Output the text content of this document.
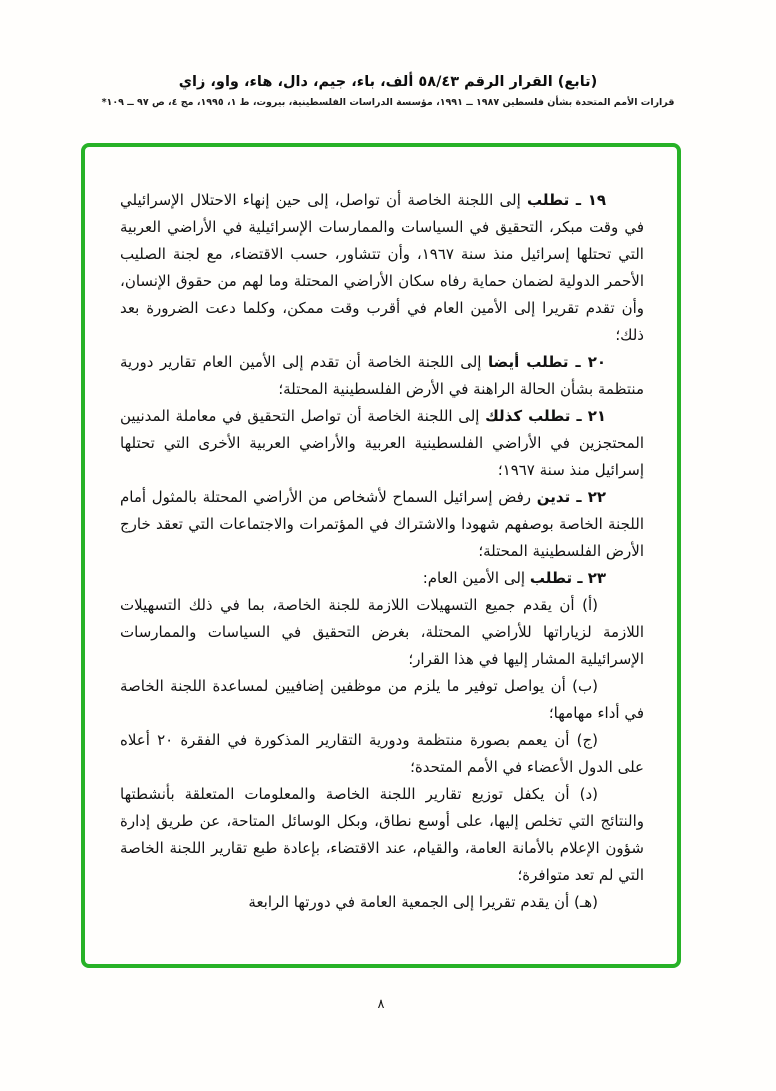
(تابع) القرار الرقم ٥٨/٤٣ ألف، باء، جيم، دال، هاء، واو، زاي
قرارات الأمم المتحدة بشأن فلسطين ١٩٨٧ ــ ١٩٩١، مؤسسة الدراسات الفلسطينية، بيروت، ط ١، ١٩٩٥، مج ٤، ص ٩٧ ــ ١٠٩*

١٩ ـ تطلب إلى اللجنة الخاصة أن تواصل، إلى حين إنهاء الاحتلال الإسرائيلي في وقت مبكر، التحقيق في السياسات والممارسات الإسرائيلية في الأراضي العربية التي تحتلها إسرائيل منذ سنة ١٩٦٧، وأن تتشاور، حسب الاقتضاء، مع لجنة الصليب الأحمر الدولية لضمان حماية رفاه سكان الأراضي المحتلة وما لهم من حقوق الإنسان، وأن تقدم تقريرا إلى الأمين العام في أقرب وقت ممكن، وكلما دعت الضرورة بعد ذلك؛

٢٠ ـ تطلب أيضا إلى اللجنة الخاصة أن تقدم إلى الأمين العام تقارير دورية منتظمة بشأن الحالة الراهنة في الأرض الفلسطينية المحتلة؛

٢١ ـ تطلب كذلك إلى اللجنة الخاصة أن تواصل التحقيق في معاملة المدنيين المحتجزين في الأراضي الفلسطينية العربية والأراضي العربية الأخرى التي تحتلها إسرائيل منذ سنة ١٩٦٧؛

٢٢ ـ تدين رفض إسرائيل السماح لأشخاص من الأراضي المحتلة بالمثول أمام اللجنة الخاصة بوصفهم شهودا والاشتراك في المؤتمرات والاجتماعات التي تعقد خارج الأرض الفلسطينية المحتلة؛

٢٣ ـ تطلب إلى الأمين العام:

(أ) أن يقدم جميع التسهيلات اللازمة للجنة الخاصة، بما في ذلك التسهيلات اللازمة لزياراتها للأراضي المحتلة، بغرض التحقيق في السياسات والممارسات الإسرائيلية المشار إليها في هذا القرار؛

(ب) أن يواصل توفير ما يلزم من موظفين إضافيين لمساعدة اللجنة الخاصة في أداء مهامها؛

(ج) أن يعمم بصورة منتظمة ودورية التقارير المذكورة في الفقرة ٢٠ أعلاه على الدول الأعضاء في الأمم المتحدة؛

(د) أن يكفل توزيع تقارير اللجنة الخاصة والمعلومات المتعلقة بأنشطتها والنتائج التي تخلص إليها، على أوسع نطاق، وبكل الوسائل المتاحة، عن طريق إدارة شؤون الإعلام بالأمانة العامة، والقيام، عند الاقتضاء، بإعادة طبع تقارير اللجنة الخاصة التي لم تعد متوافرة؛

(هـ) أن يقدم تقريرا إلى الجمعية العامة في دورتها الرابعة

٨
